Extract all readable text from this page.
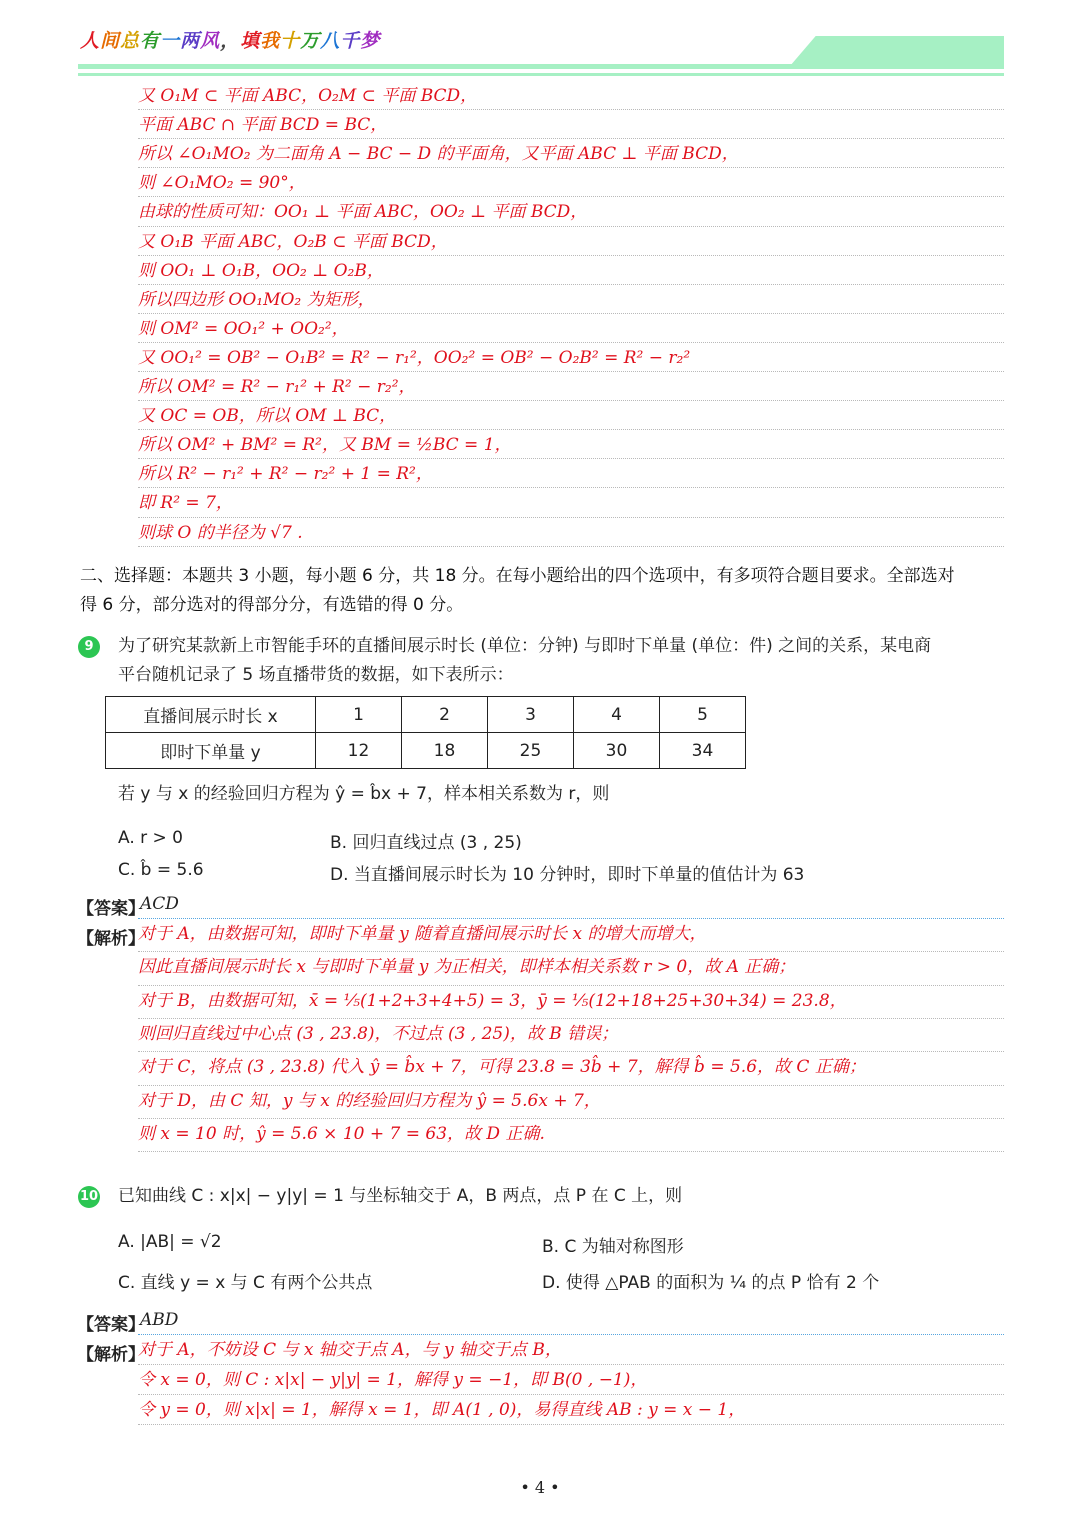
人间总有一两风，填我十万八千梦
又 O₁M ⊂ 平面 ABC，O₂M ⊂ 平面 BCD，
平面 ABC ∩ 平面 BCD = BC，
所以 ∠O₁MO₂ 为二面角 A − BC − D 的平面角，又平面 ABC ⊥ 平面 BCD，
则 ∠O₁MO₂ = 90°，
由球的性质可知：OO₁ ⊥ 平面 ABC，OO₂ ⊥ 平面 BCD，
又 O₁B 平面 ABC，O₂B ⊂ 平面 BCD，
则 OO₁ ⊥ O₁B，OO₂ ⊥ O₂B，
所以四边形 OO₁MO₂ 为矩形，
则 OM² = OO₁² + OO₂²，
又 OO₁² = OB² − O₁B² = R² − r₁²，OO₂² = OB² − O₂B² = R² − r₂²
所以 OM² = R² − r₁² + R² − r₂²，
又 OC = OB，所以 OM ⊥ BC，
所以 OM² + BM² = R²，又 BM = ½BC = 1，
所以 R² − r₁² + R² − r₂² + 1 = R²，
即 R² = 7，
则球 O 的半径为 √7 .
二、选择题：本题共 3 小题，每小题 6 分，共 18 分。在每小题给出的四个选项中，有多项符合题目要求。全部选对
得 6 分，部分选对的得部分分，有选错的得 0 分。
9	为了研究某款新上市智能手环的直播间展示时长 (单位：分钟) 与即时下单量 (单位：件) 之间的关系，某电商
平台随机记录了 5 场直播带货的数据，如下表所示：
直播间展示时长 x	1	2	3	4	5
即时下单量 y	12	18	25	30	34
若 y 与 x 的经验回归方程为 ŷ = b̂x + 7，样本相关系数为 r，则
A. r > 0	B. 回归直线过点 (3 , 25)
C. b̂ = 5.6	D. 当直播间展示时长为 10 分钟时，即时下单量的值估计为 63
【答案】
ACD
【解析】
对于 A，由数据可知，即时下单量 y 随着直播间展示时长 x 的增大而增大，
因此直播间展示时长 x 与即时下单量 y 为正相关，即样本相关系数 r > 0，故 A 正确；
对于 B，由数据可知，x̄ = ⅕(1+2+3+4+5) = 3，ȳ = ⅕(12+18+25+30+34) = 23.8，
则回归直线过中心点 (3 , 23.8)，不过点 (3 , 25)，故 B 错误；
对于 C，将点 (3 , 23.8) 代入 ŷ = b̂x + 7，可得 23.8 = 3b̂ + 7，解得 b̂ = 5.6，故 C 正确；
对于 D，由 C 知，y 与 x 的经验回归方程为 ŷ = 5.6x + 7，
则 x = 10 时，ŷ = 5.6 × 10 + 7 = 63，故 D 正确.
10 已知曲线 C : x|x| − y|y| = 1 与坐标轴交于 A，B 两点，点 P 在 C 上，则
A. |AB| = √2	B. C 为轴对称图形
C. 直线 y = x 与 C 有两个公共点	D. 使得 △PAB 的面积为 ¼ 的点 P 恰有 2 个
【答案】
ABD
【解析】
对于 A，不妨设 C 与 x 轴交于点 A，与 y 轴交于点 B，
令 x = 0，则 C : x|x| − y|y| = 1，解得 y = −1，即 B(0 , −1)，
令 y = 0，则 x|x| = 1，解得 x = 1，即 A(1 , 0)，易得直线 AB : y = x − 1，
• 4 •
